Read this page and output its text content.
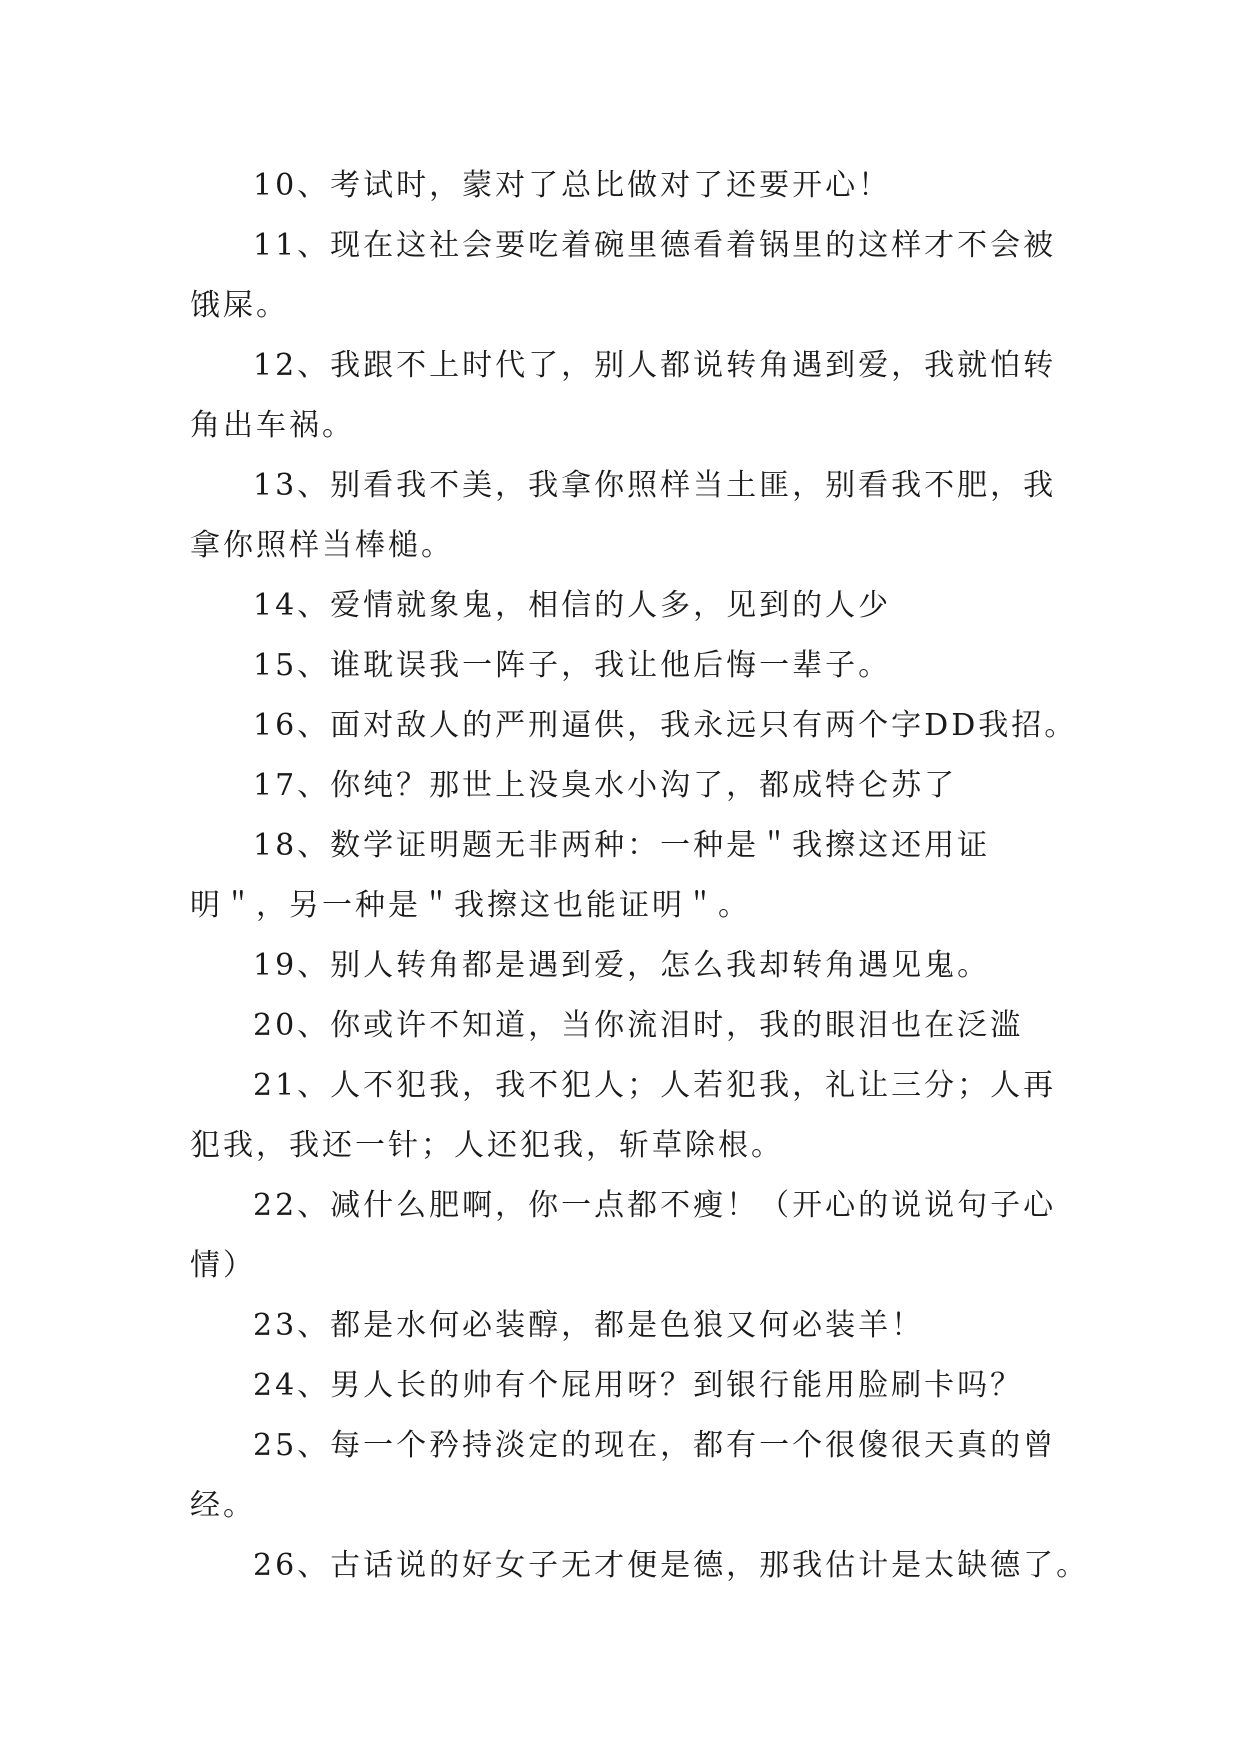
10、考试时，蒙对了总比做对了还要开心！
11、现在这社会要吃着碗里德看着锅里的这样才不会被
饿屎。
12、我跟不上时代了，别人都说转角遇到爱，我就怕转
角出车祸。
13、别看我不美，我拿你照样当土匪，别看我不肥，我
拿你照样当棒槌。
14、爱情就象鬼，相信的人多，见到的人少
15、谁耽误我一阵子，我让他后悔一辈子。
16、面对敌人的严刑逼供，我永远只有两个字DD我招。
17、你纯？那世上没臭水小沟了，都成特仑苏了
18、数学证明题无非两种：一种是＂我擦这还用证
明＂，另一种是＂我擦这也能证明＂。
19、别人转角都是遇到爱，怎么我却转角遇见鬼。
20、你或许不知道，当你流泪时，我的眼泪也在泛滥
21、人不犯我，我不犯人；人若犯我，礼让三分；人再
犯我，我还一针；人还犯我，斩草除根。
22、减什么肥啊，你一点都不瘦！（开心的说说句子心
情）
23、都是水何必装醇，都是色狼又何必装羊！
24、男人长的帅有个屁用呀？到银行能用脸刷卡吗？
25、每一个矜持淡定的现在，都有一个很傻很天真的曾
经。
26、古话说的好女子无才便是德，那我估计是太缺德了。
